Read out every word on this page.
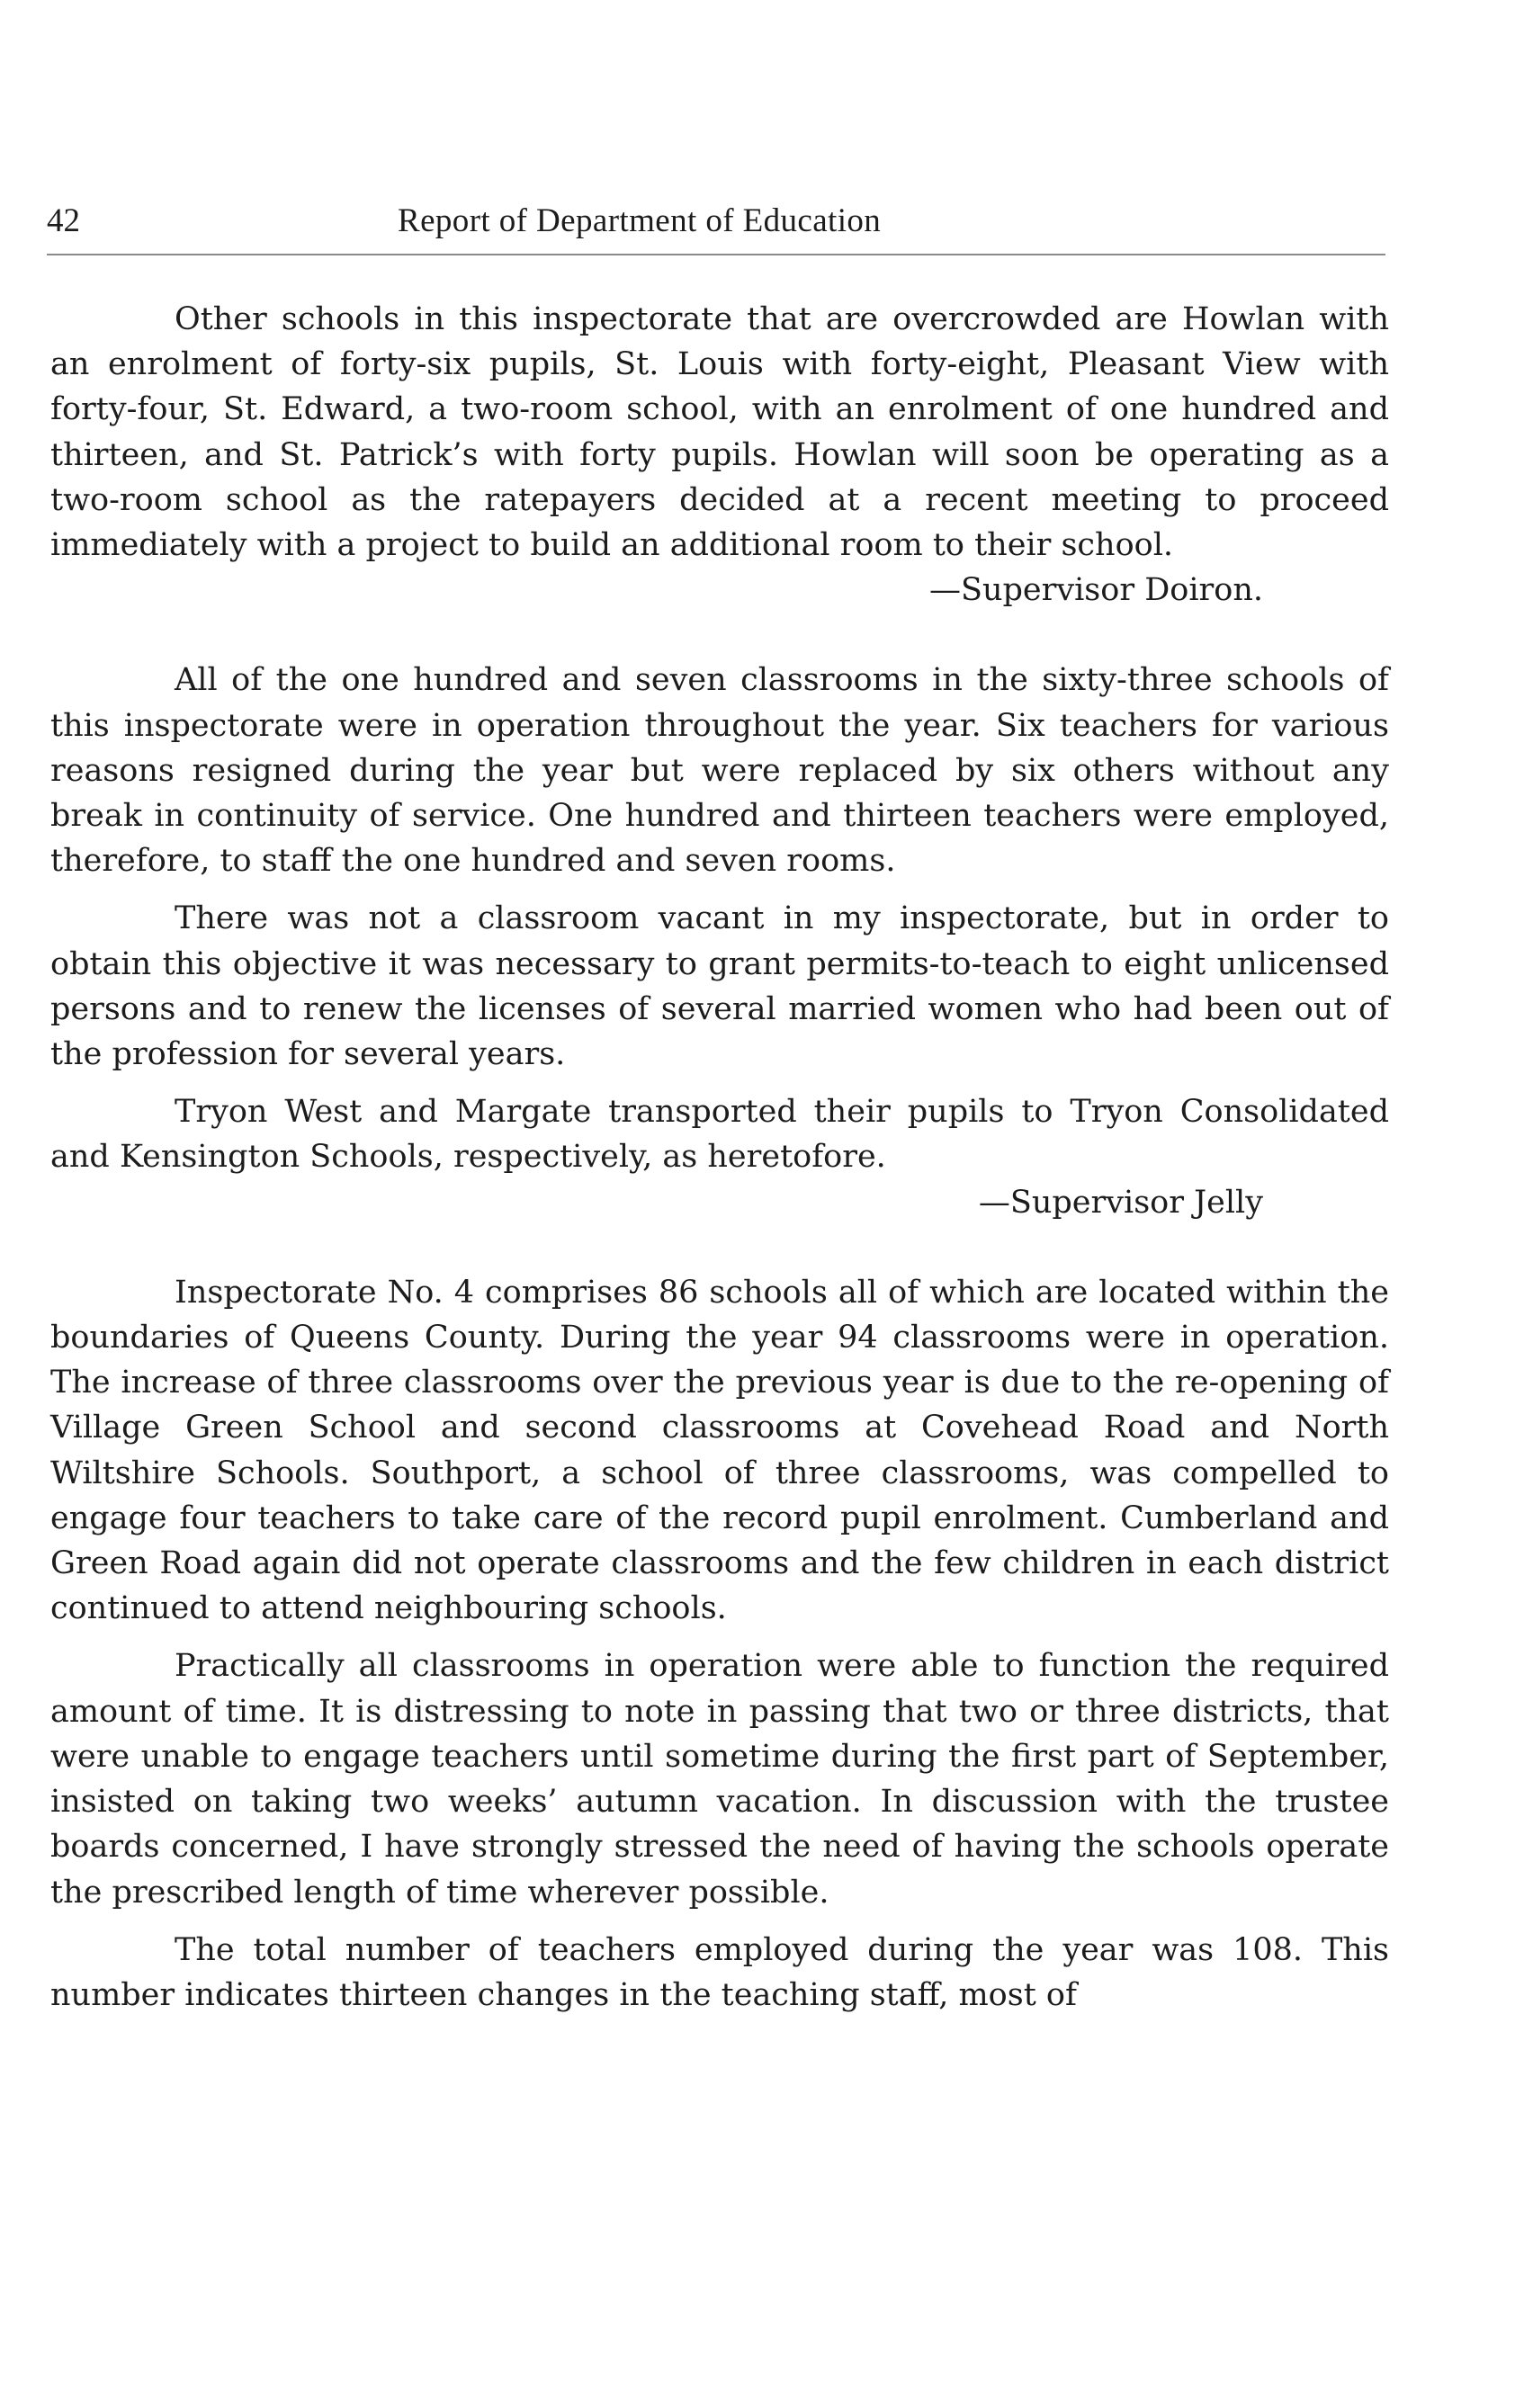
42	Report of Department of Education

Other schools in this inspectorate that are overcrowded are Howlan with an enrolment of forty-six pupils, St. Louis with forty-eight, Pleasant View with forty-four, St. Edward, a two-room school, with an enrolment of one hundred and thirteen, and St. Patrick’s with forty pupils. Howlan will soon be operating as a two-room school as the ratepayers decided at a recent meeting to proceed immediately with a project to build an additional room to their school.

—Supervisor Doiron.

All of the one hundred and seven classrooms in the sixty-three schools of this inspectorate were in operation throughout the year. Six teachers for various reasons resigned during the year but were replaced by six others without any break in continuity of service. One hundred and thirteen teachers were employed, therefore, to staff the one hundred and seven rooms.

There was not a classroom vacant in my inspectorate, but in order to obtain this objective it was necessary to grant permits-to-teach to eight unlicensed persons and to renew the licenses of several married women who had been out of the profession for several years.

Tryon West and Margate transported their pupils to Tryon Consolidated and Kensington Schools, respectively, as heretofore.

—Supervisor Jelly

Inspectorate No. 4 comprises 86 schools all of which are located within the boundaries of Queens County. During the year 94 classrooms were in operation. The increase of three classrooms over the previous year is due to the re-opening of Village Green School and second classrooms at Covehead Road and North Wiltshire Schools. Southport, a school of three classrooms, was compelled to engage four teachers to take care of the record pupil enrolment. Cumberland and Green Road again did not operate classrooms and the few children in each district continued to attend neighbouring schools.

Practically all classrooms in operation were able to function the required amount of time. It is distressing to note in passing that two or three districts, that were unable to engage teachers until sometime during the first part of September, insisted on taking two weeks’ autumn vacation. In discussion with the trustee boards concerned, I have strongly stressed the need of having the schools operate the prescribed length of time wherever possible.

The total number of teachers employed during the year was 108. This number indicates thirteen changes in the teaching staff, most of
